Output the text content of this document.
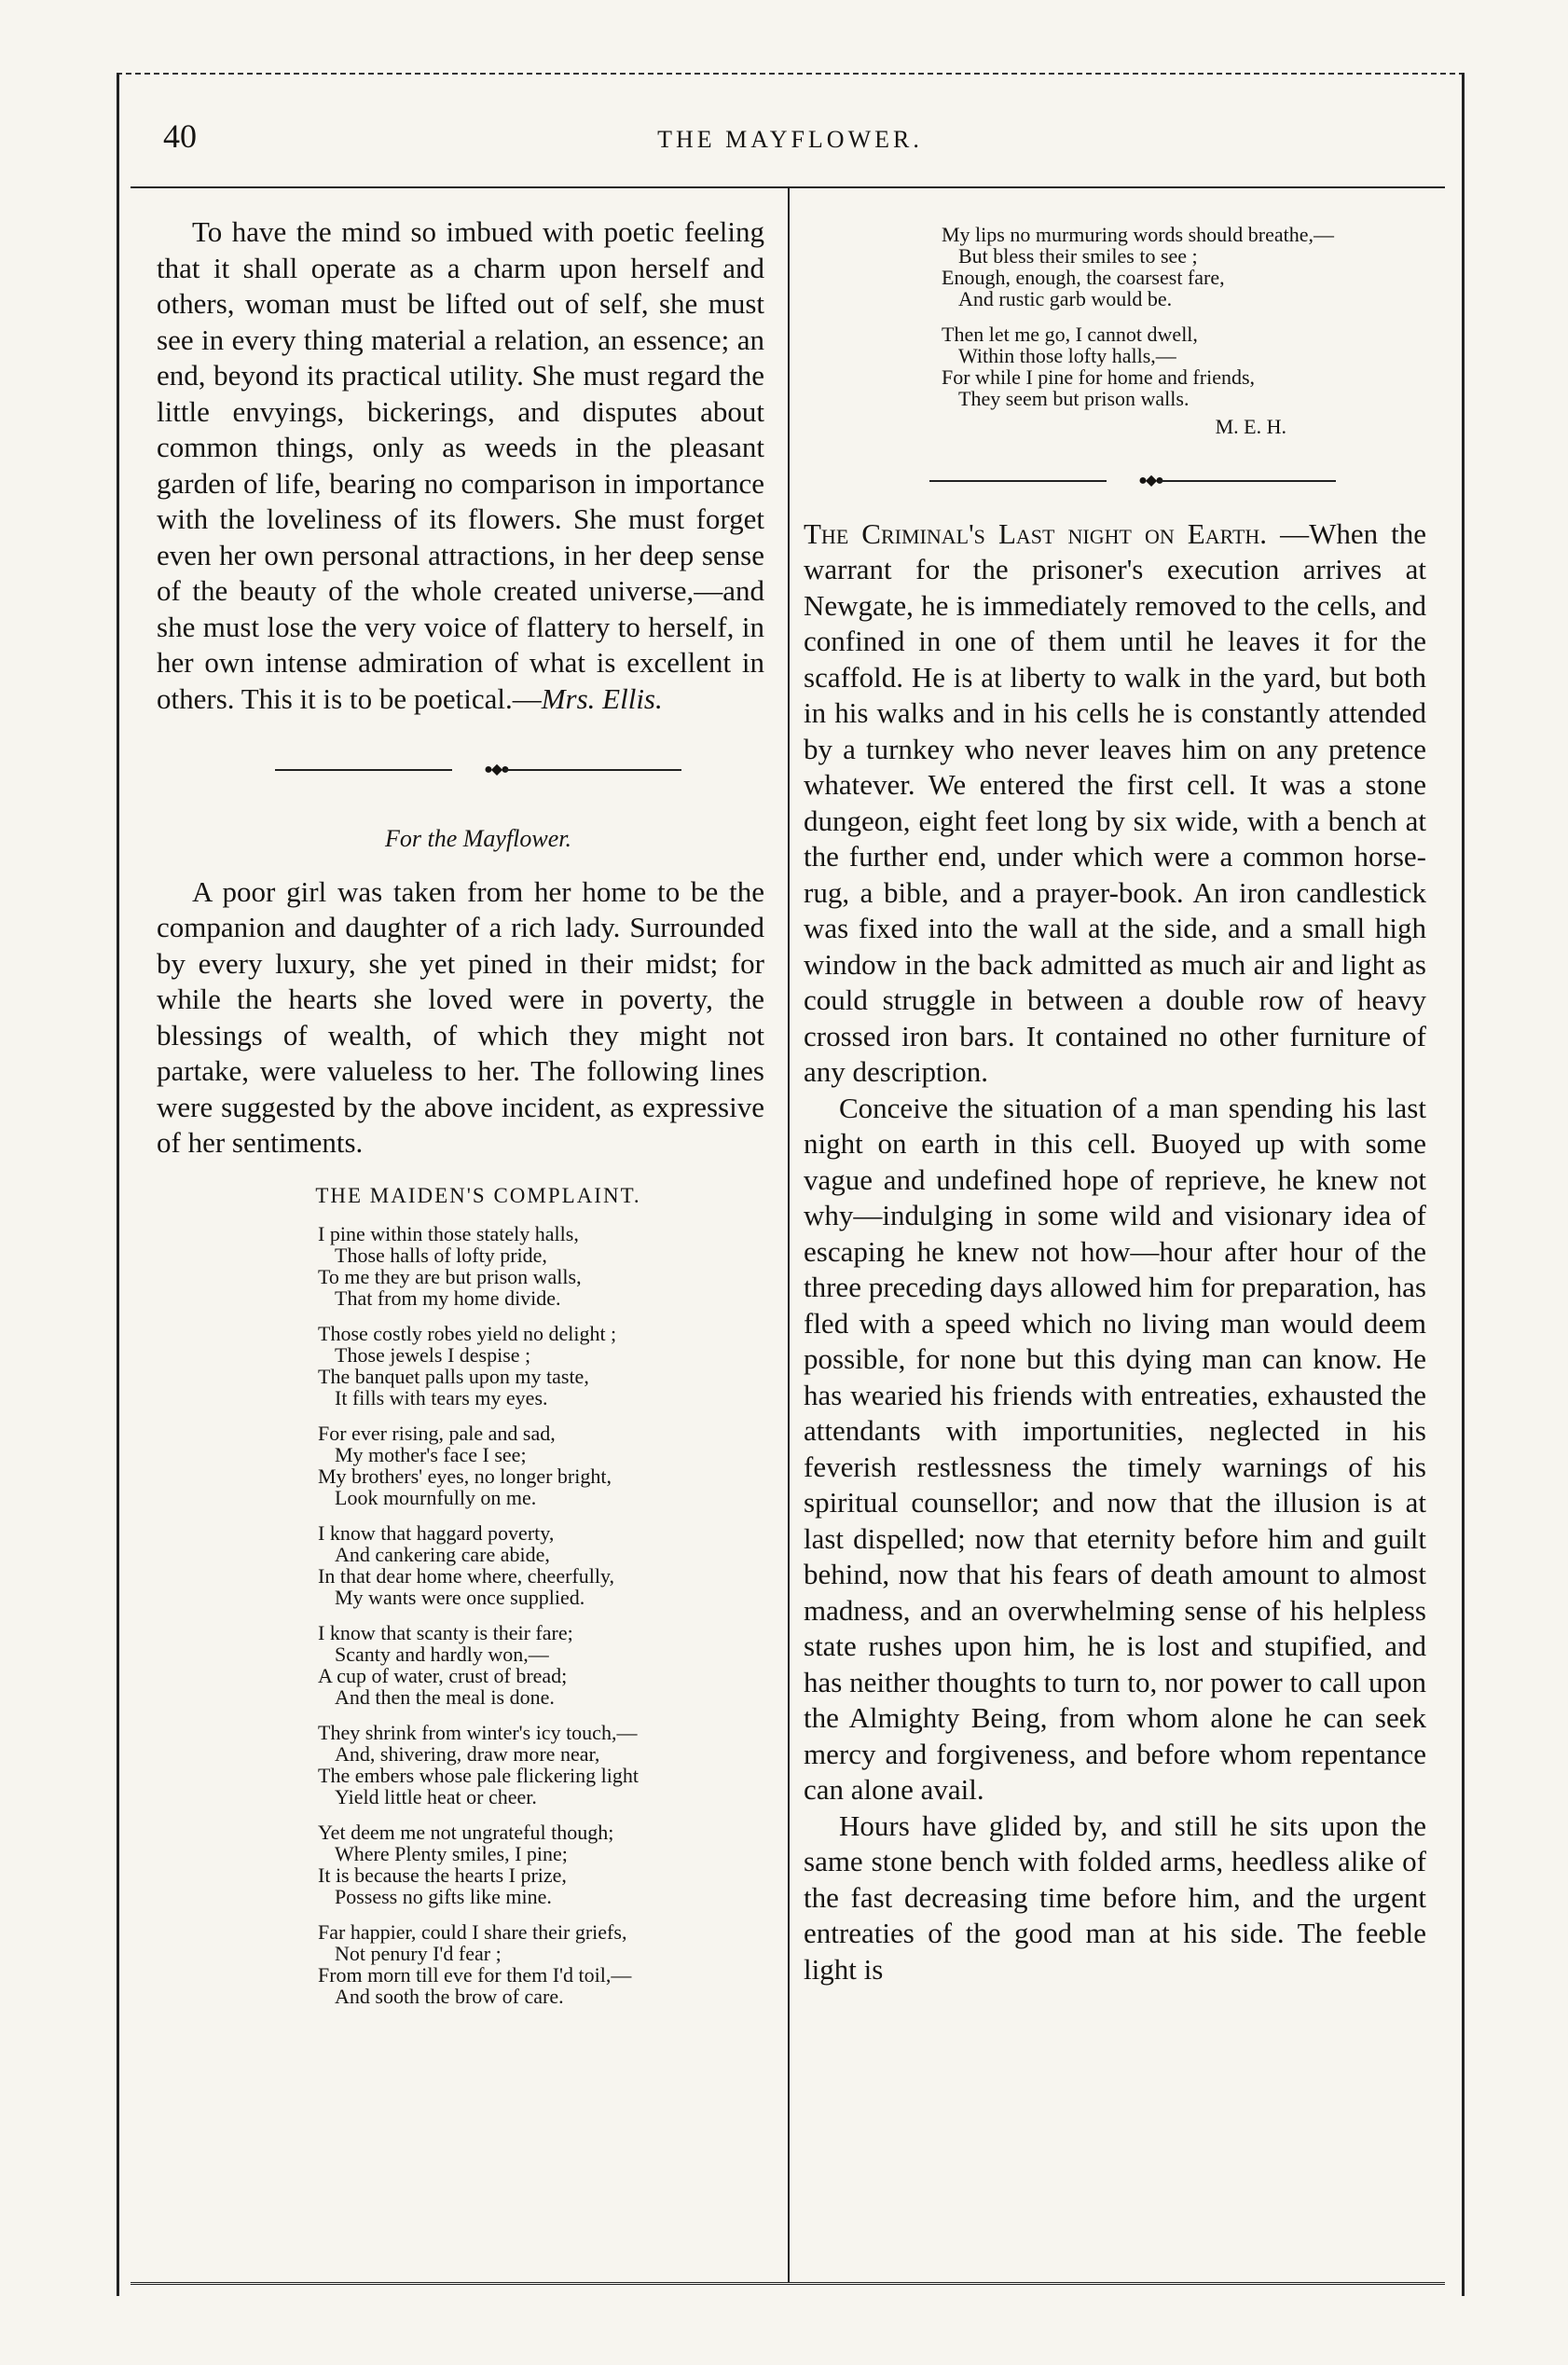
40	THE MAYFLOWER.

To have the mind so imbued with poetic feeling that it shall operate as a charm upon herself and others, woman must be lifted out of self, she must see in every thing material a relation, an essence; an end, beyond its practical utility. She must regard the little envyings, bickerings, and disputes about common things, only as weeds in the pleasant garden of life, bearing no comparison in importance with the loveliness of its flowers. She must forget even her own personal attractions, in her deep sense of the beauty of the whole created universe,—and she must lose the very voice of flattery to herself, in her own intense admiration of what is excellent in others. This it is to be poetical.—Mrs. Ellis.

●◆●

For the Mayflower.

A poor girl was taken from her home to be the companion and daughter of a rich lady. Surrounded by every luxury, she yet pined in their midst; for while the hearts she loved were in poverty, the blessings of wealth, of which they might not partake, were valueless to her. The following lines were suggested by the above incident, as expressive of her sentiments.

THE MAIDEN'S COMPLAINT.

I pine within those stately halls,
Those halls of lofty pride,
To me they are but prison walls,
That from my home divide.

Those costly robes yield no delight ;
Those jewels I despise ;
The banquet palls upon my taste,
It fills with tears my eyes.

For ever rising, pale and sad,
My mother's face I see;
My brothers' eyes, no longer bright,
Look mournfully on me.

I know that haggard poverty,
And cankering care abide,
In that dear home where, cheerfully,
My wants were once supplied.

I know that scanty is their fare;
Scanty and hardly won,—
A cup of water, crust of bread;
And then the meal is done.

They shrink from winter's icy touch,—
And, shivering, draw more near,
The embers whose pale flickering light
Yield little heat or cheer.

Yet deem me not ungrateful though;
Where Plenty smiles, I pine;
It is because the hearts I prize,
Possess no gifts like mine.

Far happier, could I share their griefs,
Not penury I'd fear ;
From morn till eve for them I'd toil,—
And sooth the brow of care.

My lips no murmuring words should breathe,—
But bless their smiles to see ;
Enough, enough, the coarsest fare,
And rustic garb would be.

Then let me go, I cannot dwell,
Within those lofty halls,—
For while I pine for home and friends,
They seem but prison walls.

M. E. H.

●◆●

The Criminal's Last night on Earth. —When the warrant for the prisoner's execution arrives at Newgate, he is immediately removed to the cells, and confined in one of them until he leaves it for the scaffold. He is at liberty to walk in the yard, but both in his walks and in his cells he is constantly attended by a turnkey who never leaves him on any pretence whatever. We entered the first cell. It was a stone dungeon, eight feet long by six wide, with a bench at the further end, under which were a common horse-rug, a bible, and a prayer-book. An iron candlestick was fixed into the wall at the side, and a small high window in the back admitted as much air and light as could struggle in between a double row of heavy crossed iron bars. It contained no other furniture of any description.

Conceive the situation of a man spending his last night on earth in this cell. Buoyed up with some vague and undefined hope of reprieve, he knew not why—indulging in some wild and visionary idea of escaping he knew not how—hour after hour of the three preceding days allowed him for preparation, has fled with a speed which no living man would deem possible, for none but this dying man can know. He has wearied his friends with entreaties, exhausted the attendants with importunities, neglected in his feverish restlessness the timely warnings of his spiritual counsellor; and now that the illusion is at last dispelled; now that eternity before him and guilt behind, now that his fears of death amount to almost madness, and an overwhelming sense of his helpless state rushes upon him, he is lost and stupified, and has neither thoughts to turn to, nor power to call upon the Almighty Being, from whom alone he can seek mercy and forgiveness, and before whom repentance can alone avail.

Hours have glided by, and still he sits upon the same stone bench with folded arms, heedless alike of the fast decreasing time before him, and the urgent entreaties of the good man at his side. The feeble light is
